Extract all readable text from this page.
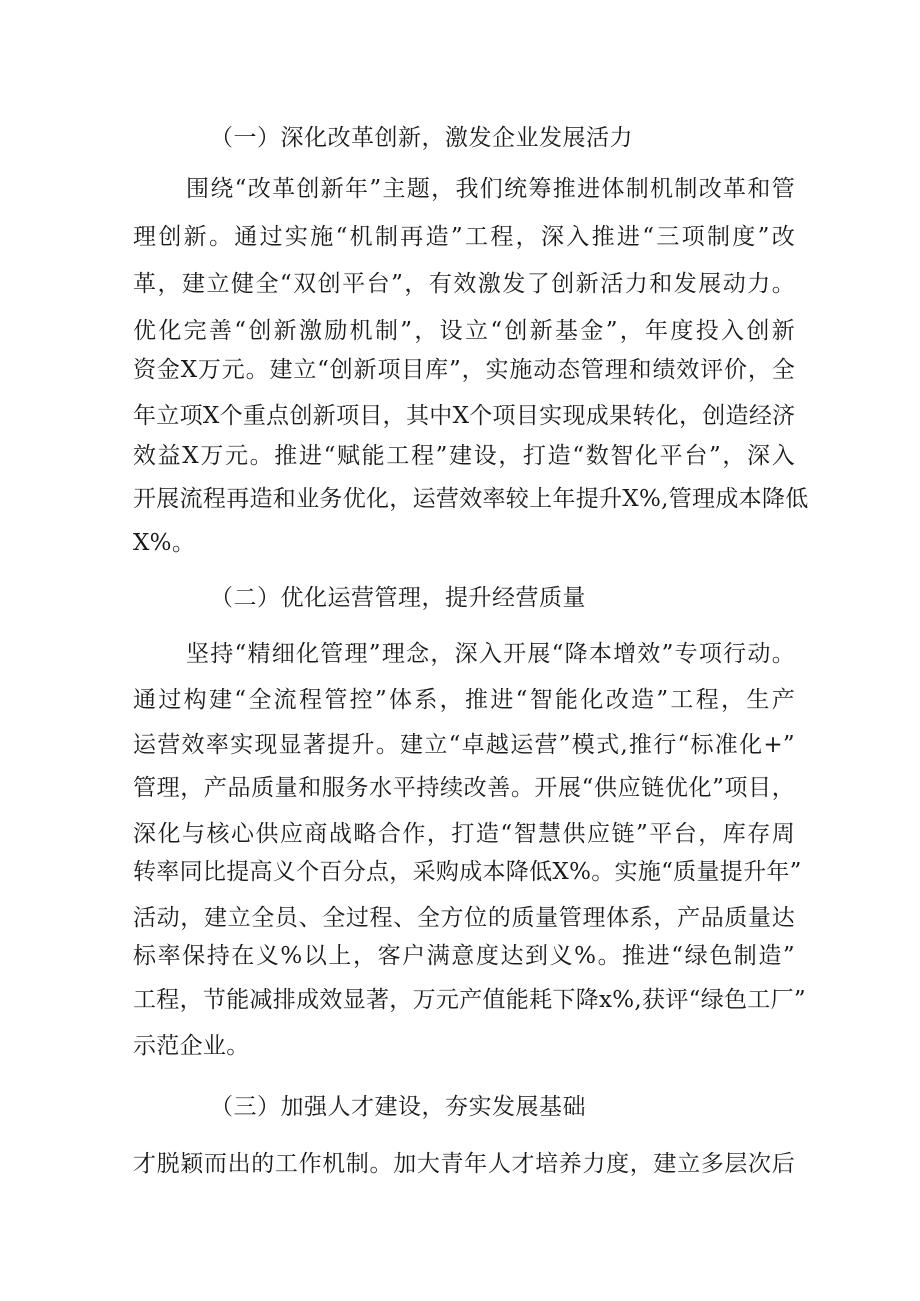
（一）深化改革创新，激发企业发展活力
围绕“改革创新年”主题，我们统筹推进体制机制改革和管
理创新。通过实施“机制再造”工程，深入推进“三项制度”改
革，建立健全“双创平台”，有效激发了创新活力和发展动力。
优化完善“创新激励机制”，设立“创新基金”，年度投入创新
资金X万元。建立“创新项目库”，实施动态管理和绩效评价，全
年立项X个重点创新项目，其中X个项目实现成果转化，创造经济
效益X万元。推进“赋能工程”建设，打造“数智化平台”，深入
开展流程再造和业务优化，运营效率较上年提升X%,管理成本降低
X%。
（二）优化运营管理，提升经营质量
坚持“精细化管理”理念，深入开展“降本增效”专项行动。
通过构建“全流程管控”体系，推进“智能化改造”工程，生产
运营效率实现显著提升。建立“卓越运营”模式,推行“标准化+”
管理，产品质量和服务水平持续改善。开展“供应链优化”项目，
深化与核心供应商战略合作，打造“智慧供应链”平台，库存周
转率同比提高义个百分点，采购成本降低X%。实施“质量提升年”
活动，建立全员、全过程、全方位的质量管理体系，产品质量达
标率保持在义%以上，客户满意度达到义%。推进“绿色制造”
工程，节能减排成效显著，万元产值能耗下降x%,获评“绿色工厂”
示范企业。
（三）加强人才建设，夯实发展基础
才脱颖而出的工作机制。加大青年人才培养力度，建立多层次后
